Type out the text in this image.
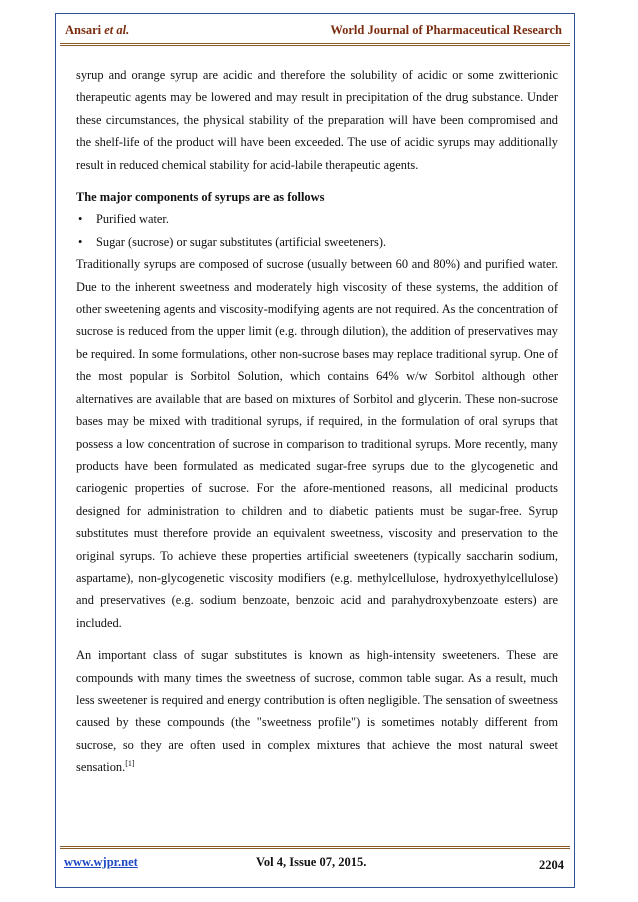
Ansari et al.	World Journal of Pharmaceutical Research

syrup and orange syrup are acidic and therefore the solubility of acidic or some zwitterionic therapeutic agents may be lowered and may result in precipitation of the drug substance. Under these circumstances, the physical stability of the preparation will have been compromised and the shelf-life of the product will have been exceeded. The use of acidic syrups may additionally result in reduced chemical stability for acid-labile therapeutic agents.

The major components of syrups are as follows

• Purified water.
• Sugar (sucrose) or sugar substitutes (artificial sweeteners).

Traditionally syrups are composed of sucrose (usually between 60 and 80%) and purified water. Due to the inherent sweetness and moderately high viscosity of these systems, the addition of other sweetening agents and viscosity-modifying agents are not required. As the concentration of sucrose is reduced from the upper limit (e.g. through dilution), the addition of preservatives may be required. In some formulations, other non-sucrose bases may replace traditional syrup. One of the most popular is Sorbitol Solution, which contains 64% w/w Sorbitol although other alternatives are available that are based on mixtures of Sorbitol and glycerin. These non-sucrose bases may be mixed with traditional syrups, if required, in the formulation of oral syrups that possess a low concentration of sucrose in comparison to traditional syrups. More recently, many products have been formulated as medicated sugar-free syrups due to the glycogenetic and cariogenic properties of sucrose. For the afore-mentioned reasons, all medicinal products designed for administration to children and to diabetic patients must be sugar-free. Syrup substitutes must therefore provide an equivalent sweetness, viscosity and preservation to the original syrups. To achieve these properties artificial sweeteners (typically saccharin sodium, aspartame), non-glycogenetic viscosity modifiers (e.g. methylcellulose, hydroxyethylcellulose) and preservatives (e.g. sodium benzoate, benzoic acid and parahydroxybenzoate esters) are included.

An important class of sugar substitutes is known as high-intensity sweeteners. These are compounds with many times the sweetness of sucrose, common table sugar. As a result, much less sweetener is required and energy contribution is often negligible. The sensation of sweetness caused by these compounds (the "sweetness profile") is sometimes notably different from sucrose, so they are often used in complex mixtures that achieve the most natural sweet sensation.[1]

www.wjpr.net	Vol 4, Issue 07, 2015.	2204
